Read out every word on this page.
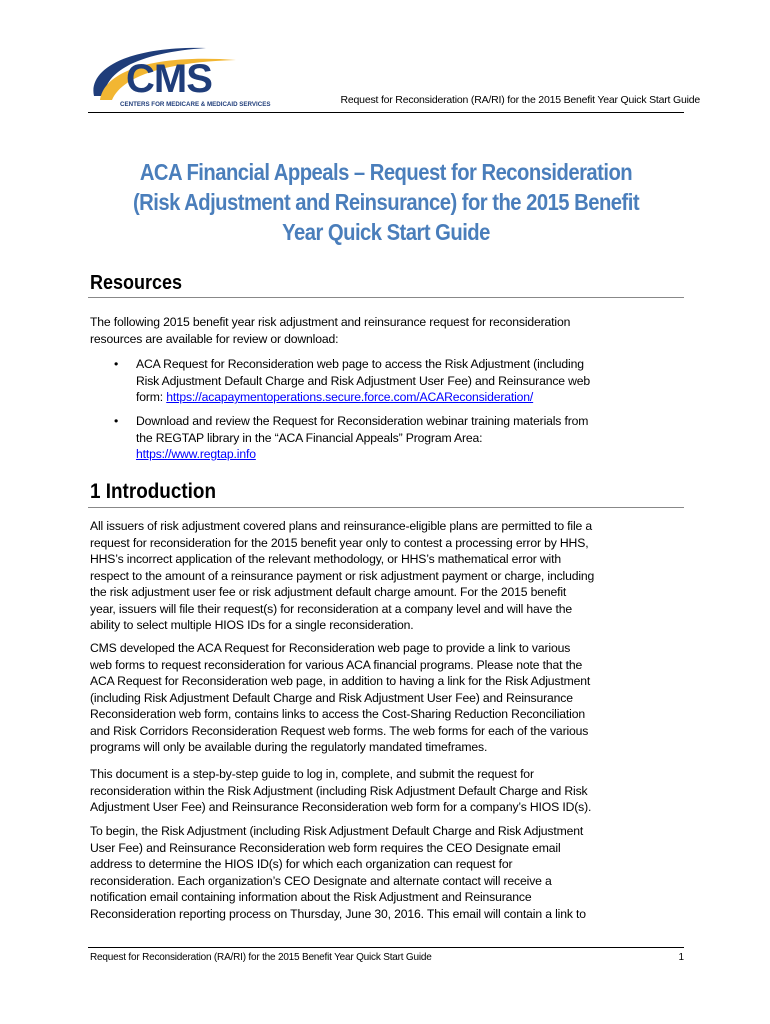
CMS
CENTERS FOR MEDICARE & MEDICAID SERVICES	Request for Reconsideration (RA/RI) for the 2015 Benefit Year Quick Start Guide
ACA Financial Appeals – Request for Reconsideration
(Risk Adjustment and Reinsurance) for the 2015 Benefit
Year Quick Start Guide
Resources
The following 2015 benefit year risk adjustment and reinsurance request for reconsideration
resources are available for review or download:
• ACA Request for Reconsideration web page to access the Risk Adjustment (including
Risk Adjustment Default Charge and Risk Adjustment User Fee) and Reinsurance web
form: https://acapaymentoperations.secure.force.com/ACAReconsideration/
• Download and review the Request for Reconsideration webinar training materials from
the REGTAP library in the “ACA Financial Appeals” Program Area:
https://www.regtap.info
1 Introduction
All issuers of risk adjustment covered plans and reinsurance-eligible plans are permitted to file a
request for reconsideration for the 2015 benefit year only to contest a processing error by HHS,
HHS’s incorrect application of the relevant methodology, or HHS’s mathematical error with
respect to the amount of a reinsurance payment or risk adjustment payment or charge, including
the risk adjustment user fee or risk adjustment default charge amount. For the 2015 benefit
year, issuers will file their request(s) for reconsideration at a company level and will have the
ability to select multiple HIOS IDs for a single reconsideration.
CMS developed the ACA Request for Reconsideration web page to provide a link to various
web forms to request reconsideration for various ACA financial programs. Please note that the
ACA Request for Reconsideration web page, in addition to having a link for the Risk Adjustment
(including Risk Adjustment Default Charge and Risk Adjustment User Fee) and Reinsurance
Reconsideration web form, contains links to access the Cost-Sharing Reduction Reconciliation
and Risk Corridors Reconsideration Request web forms. The web forms for each of the various
programs will only be available during the regulatorly mandated timeframes.
This document is a step-by-step guide to log in, complete, and submit the request for
reconsideration within the Risk Adjustment (including Risk Adjustment Default Charge and Risk
Adjustment User Fee) and Reinsurance Reconsideration web form for a company’s HIOS ID(s).
To begin, the Risk Adjustment (including Risk Adjustment Default Charge and Risk Adjustment
User Fee) and Reinsurance Reconsideration web form requires the CEO Designate email
address to determine the HIOS ID(s) for which each organization can request for
reconsideration. Each organization’s CEO Designate and alternate contact will receive a
notification email containing information about the Risk Adjustment and Reinsurance
Reconsideration reporting process on Thursday, June 30, 2016. This email will contain a link to
Request for Reconsideration (RA/RI) for the 2015 Benefit Year Quick Start Guide	1
